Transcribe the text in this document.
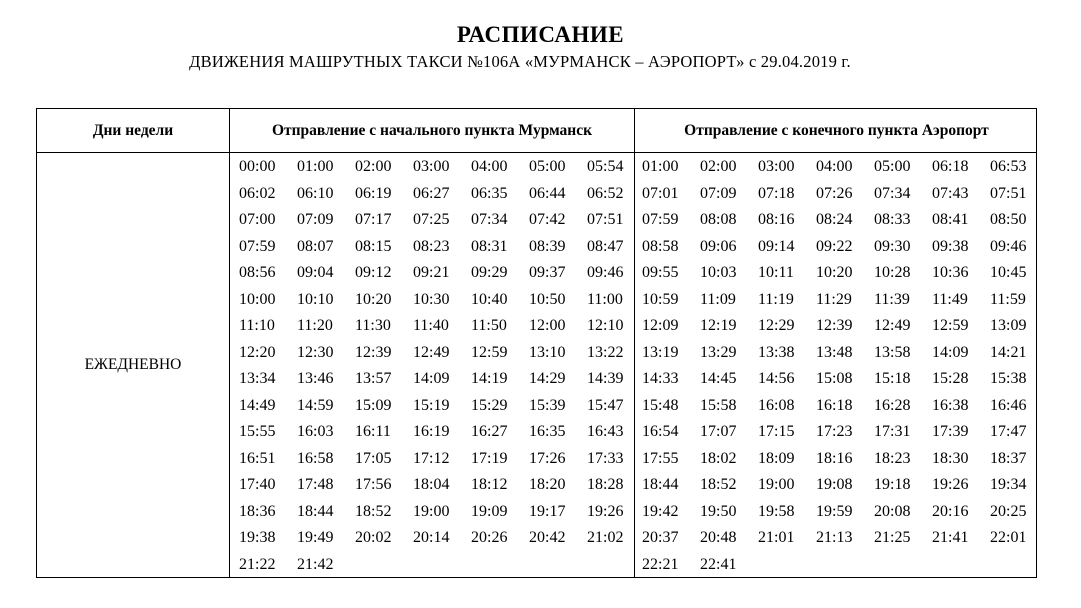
РАСПИСАНИЕ
ДВИЖЕНИЯ МАШРУТНЫХ ТАКСИ №106А «МУРМАНСК – АЭРОПОРТ» с 29.04.2019 г.
Дни недели	Отправление с начального пункта Мурманск	Отправление с конечного пункта Аэропорт
ЕЖЕДНЕВНО
00:00 01:00 02:00 03:00 04:00 05:00 05:54
06:02 06:10 06:19 06:27 06:35 06:44 06:52
07:00 07:09 07:17 07:25 07:34 07:42 07:51
07:59 08:07 08:15 08:23 08:31 08:39 08:47
08:56 09:04 09:12 09:21 09:29 09:37 09:46
10:00 10:10 10:20 10:30 10:40 10:50 11:00
11:10 11:20 11:30 11:40 11:50 12:00 12:10
12:20 12:30 12:39 12:49 12:59 13:10 13:22
13:34 13:46 13:57 14:09 14:19 14:29 14:39
14:49 14:59 15:09 15:19 15:29 15:39 15:47
15:55 16:03 16:11 16:19 16:27 16:35 16:43
16:51 16:58 17:05 17:12 17:19 17:26 17:33
17:40 17:48 17:56 18:04 18:12 18:20 18:28
18:36 18:44 18:52 19:00 19:09 19:17 19:26
19:38 19:49 20:02 20:14 20:26 20:42 21:02
21:22 21:42
01:00 02:00 03:00 04:00 05:00 06:18 06:53
07:01 07:09 07:18 07:26 07:34 07:43 07:51
07:59 08:08 08:16 08:24 08:33 08:41 08:50
08:58 09:06 09:14 09:22 09:30 09:38 09:46
09:55 10:03 10:11 10:20 10:28 10:36 10:45
10:59 11:09 11:19 11:29 11:39 11:49 11:59
12:09 12:19 12:29 12:39 12:49 12:59 13:09
13:19 13:29 13:38 13:48 13:58 14:09 14:21
14:33 14:45 14:56 15:08 15:18 15:28 15:38
15:48 15:58 16:08 16:18 16:28 16:38 16:46
16:54 17:07 17:15 17:23 17:31 17:39 17:47
17:55 18:02 18:09 18:16 18:23 18:30 18:37
18:44 18:52 19:00 19:08 19:18 19:26 19:34
19:42 19:50 19:58 19:59 20:08 20:16 20:25
20:37 20:48 21:01 21:13 21:25 21:41 22:01
22:21 22:41
